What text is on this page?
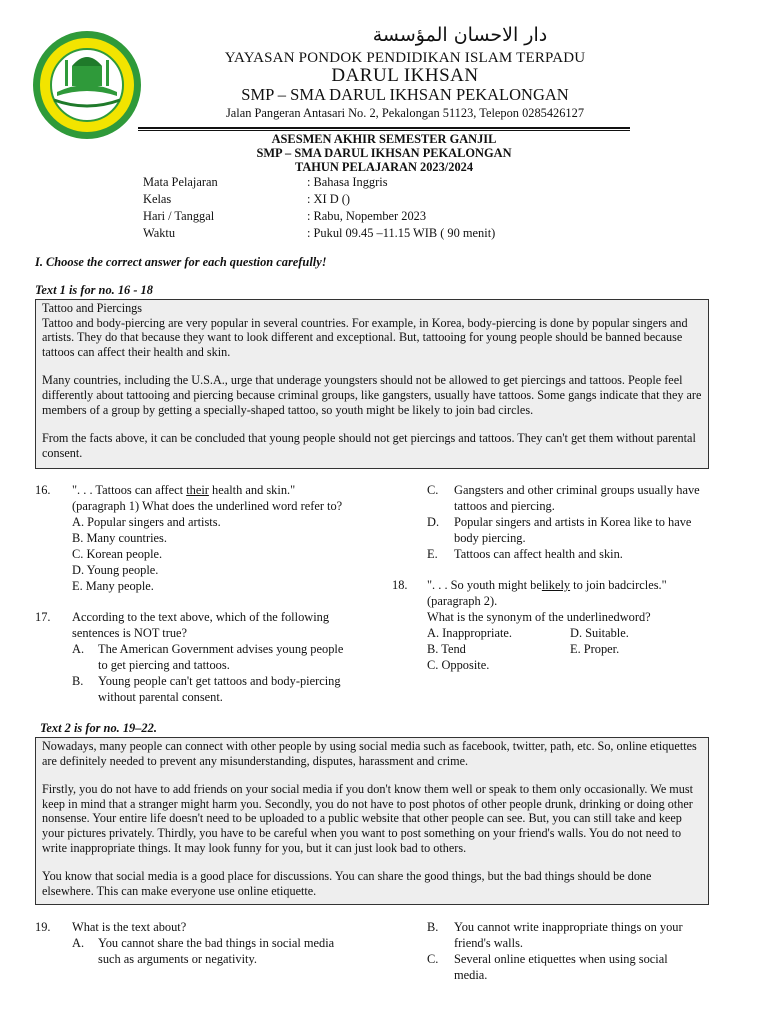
دار الاحسان المؤسسة
YAYASAN PONDOK PENDIDIKAN ISLAM TERPADU
DARUL IKHSAN
SMP – SMA DARUL IKHSAN PEKALONGAN
Jalan Pangeran Antasari No. 2, Pekalongan 51123, Telepon 0285426127
ASESMEN AKHIR SEMESTER GANJIL
SMP – SMA DARUL IKHSAN PEKALONGAN
TAHUN PELAJARAN 2023/2024
Mata Pelajaran	: Bahasa Inggris
Kelas	: XI D ()
Hari / Tanggal	: Rabu, Nopember 2023
Waktu	: Pukul 09.45 –11.15 WIB ( 90 menit)
I. Choose the correct answer for each question carefully!
Text 1 is for no. 16 - 18

Tattoo and Piercings

Tattoo and body-piercing are very popular in several countries. For example, in Korea, body-piercing is done by popular singers and artists. They do that because they want to look different and exceptional. But, tattooing for young people should be banned because tattoos can affect their health and skin.

Many countries, including the U.S.A., urge that underage youngsters should not be allowed to get piercings and tattoos. People feel differently about tattooing and piercing because criminal groups, like gangsters, usually have tattoos. Some gangs indicate that they are members of a group by getting a specially-shaped tattoo, so youth might be likely to join bad circles.

From the facts above, it can be concluded that young people should not get piercings and tattoos. They can't get them without parental consent.

16. ". . . Tattoos can affect their health and skin."
(paragraph 1) What does the underlined word refer to?
A. Popular singers and artists.
B. Many countries.
C. Korean people.
D. Young people.
E. Many people.
17. According to the text above, which of the following
sentences is NOT true?
A. The American Government advises young people
to get piercing and tattoos.
B. Young people can't get tattoos and body-piercing
without parental consent.
C. Gangsters and other criminal groups usually have
tattoos and piercing.
D. Popular singers and artists in Korea like to have
body piercing.
E. Tattoos can affect health and skin.
18. ". . . So youth might belikely to join badcircles."
(paragraph 2).
What is the synonym of the underlinedword?
A. Inappropriate.
B. Tend
C. Opposite.
D. Suitable.
E. Proper.
Text 2 is for no. 19–22.

Nowadays, many people can connect with other people by using social media such as facebook, twitter, path, etc. So, online etiquettes are definitely needed to prevent any misunderstanding, disputes, harassment and crime.

Firstly, you do not have to add friends on your social media if you don't know them well or speak to them only occasionally. We must keep in mind that a stranger might harm you. Secondly, you do not have to post photos of other people drunk, drinking or doing other nonsense. Your entire life doesn't need to be uploaded to a public website that other people can see. But, you can still take and keep your pictures privately. Thirdly, you have to be careful when you want to post something on your friend's walls. You do not need to write inappropriate things. It may look funny for you, but it can just look bad to others.

You know that social media is a good place for discussions. You can share the good things, but the bad things should be done elsewhere. This can make everyone use online etiquette.

19. What is the text about?
A. You cannot share the bad things in social media
such as arguments or negativity.
B. You cannot write inappropriate things on your
friend's walls.
C. Several online etiquettes when using social
media.
